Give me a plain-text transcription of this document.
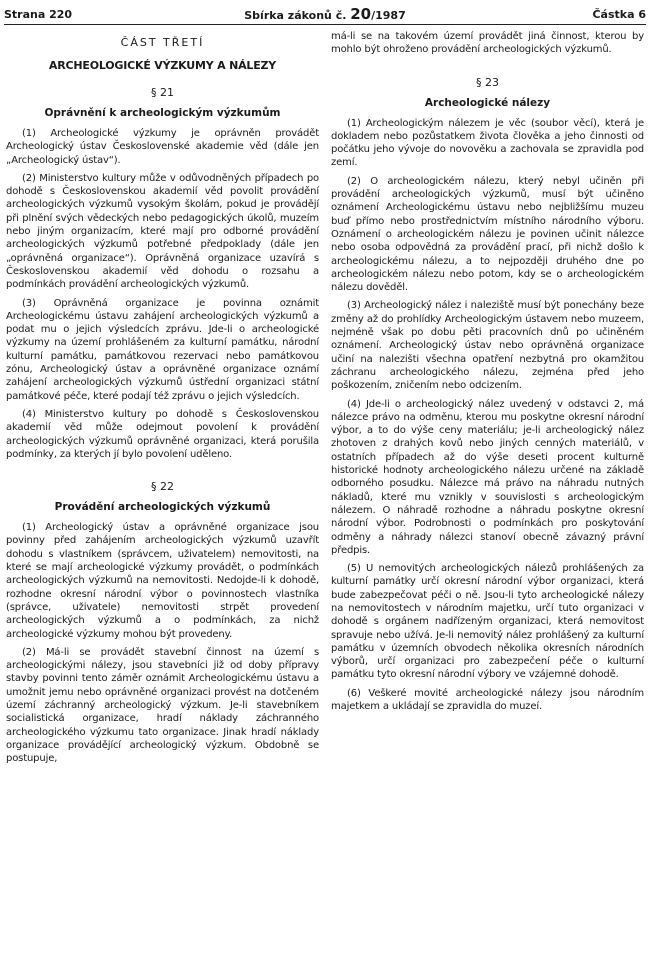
Strana 220	Sbírka zákonů č. 20/1987	Částka 6
ČÁST TŘETÍ
ARCHEOLOGICKÉ VÝZKUMY A NÁLEZY
§ 21
Oprávnění k archeologickým výzkumům

(1) Archeologické výzkumy je oprávněn provádět Archeologický ústav Československé akademie věd (dále jen „Archeologický ústav“).

(2) Ministerstvo kultury může v odůvodněných případech po dohodě s Československou akademií věd povolit provádění archeologických výzkumů vysokým školám, pokud je provádějí při plnění svých vědeckých nebo pedagogických úkolů, muzeím nebo jiným organizacím, které mají pro odborné provádění archeologických výzkumů potřebné předpoklady (dále jen „oprávněná organizace“). Oprávněná organizace uzavírá s Československou akademií věd dohodu o rozsahu a podmínkách provádění archeologických výzkumů.

(3) Oprávněná organizace je povinna oznámit Archeologickému ústavu zahájení archeologických výzkumů a podat mu o jejich výsledcích zprávu. Jde-li o archeologické výzkumy na území prohlášeném za kulturní památku, národní kulturní památku, památkovou rezervaci nebo památkovou zónu, Archeologický ústav a oprávněné organizace oznámí zahájení archeologických výzkumů ústřední organizaci státní památkové péče, které podají též zprávu o jejich výsledcích.

(4) Ministerstvo kultury po dohodě s Československou akademií věd může odejmout povolení k provádění archeologických výzkumů oprávněné organizaci, která porušila podmínky, za kterých jí bylo povolení uděleno.

§ 22
Provádění archeologických výzkumů

(1) Archeologický ústav a oprávněné organizace jsou povinny před zahájením archeologických výzkumů uzavřít dohodu s vlastníkem (správcem, uživatelem) nemovitosti, na které se mají archeologické výzkumy provádět, o podmínkách archeologických výzkumů na nemovitosti. Nedojde-li k dohodě, rozhodne okresní národní výbor o povinnostech vlastníka (správce, uživatele) nemovitosti strpět provedení archeologických výzkumů a o podmínkách, za nichž archeologické výzkumy mohou být provedeny.

(2) Má-li se provádět stavební činnost na území s archeologickými nálezy, jsou stavebníci již od doby přípravy stavby povinni tento záměr oznámit Archeologickému ústavu a umožnit jemu nebo oprávněné organizaci provést na dotčeném území záchranný archeologický výzkum. Je-li stavebníkem socialistická organizace, hradí náklady záchranného archeologického výzkumu tato organizace. Jinak hradí náklady organizace provádějící archeologický výzkum. Obdobně se postupuje,

má-li se na takovém území provádět jiná činnost, kterou by mohlo být ohroženo provádění archeologických výzkumů.

§ 23
Archeologické nálezy

(1) Archeologickým nálezem je věc (soubor věcí), která je dokladem nebo pozůstatkem života člověka a jeho činnosti od počátku jeho vývoje do novověku a zachovala se zpravidla pod zemí.

(2) O archeologickém nálezu, který nebyl učiněn při provádění archeologických výzkumů, musí být učiněno oznámení Archeologickému ústavu nebo nejbližšímu muzeu buď přímo nebo prostřednictvím místního národního výboru. Oznámení o archeologickém nálezu je povinen učinit nálezce nebo osoba odpovědná za provádění prací, při nichž došlo k archeologickému nálezu, a to nejpozději druhého dne po archeologickém nálezu nebo potom, kdy se o archeologickém nálezu dověděl.

(3) Archeologický nález i naleziště musí být ponechány beze změny až do prohlídky Archeologickým ústavem nebo muzeem, nejméně však po dobu pěti pracovních dnů po učiněném oznámení. Archeologický ústav nebo oprávněná organizace učiní na nalezišti všechna opatření nezbytná pro okamžitou záchranu archeologického nálezu, zejména před jeho poškozením, zničením nebo odcizením.

(4) Jde-li o archeologický nález uvedený v odstavci 2, má nálezce právo na odměnu, kterou mu poskytne okresní národní výbor, a to do výše ceny materiálu; je-li archeologický nález zhotoven z drahých kovů nebo jiných cenných materiálů, v ostatních případech až do výše deseti procent kulturně historické hodnoty archeologického nálezu určené na základě odborného posudku. Nálezce má právo na náhradu nutných nákladů, které mu vznikly v souvislosti s archeologickým nálezem. O náhradě rozhodne a náhradu poskytne okresní národní výbor. Podrobnosti o podmínkách pro poskytování odměny a náhrady nálezci stanoví obecně závazný právní předpis.

(5) U nemovitých archeologických nálezů prohlášených za kulturní památky určí okresní národní výbor organizaci, která bude zabezpečovat péči o ně. Jsou-li tyto archeologické nálezy na nemovitostech v národním majetku, určí tuto organizaci v dohodě s orgánem nadřízeným organizaci, která nemovitost spravuje nebo užívá. Je-li nemovitý nález prohlášený za kulturní památku v územních obvodech několika okresních národních výborů, určí organizaci pro zabezpečení péče o kulturní památku tyto okresní národní výbory ve vzájemné dohodě.

(6) Veškeré movité archeologické nálezy jsou národním majetkem a ukládají se zpravidla do muzeí.
